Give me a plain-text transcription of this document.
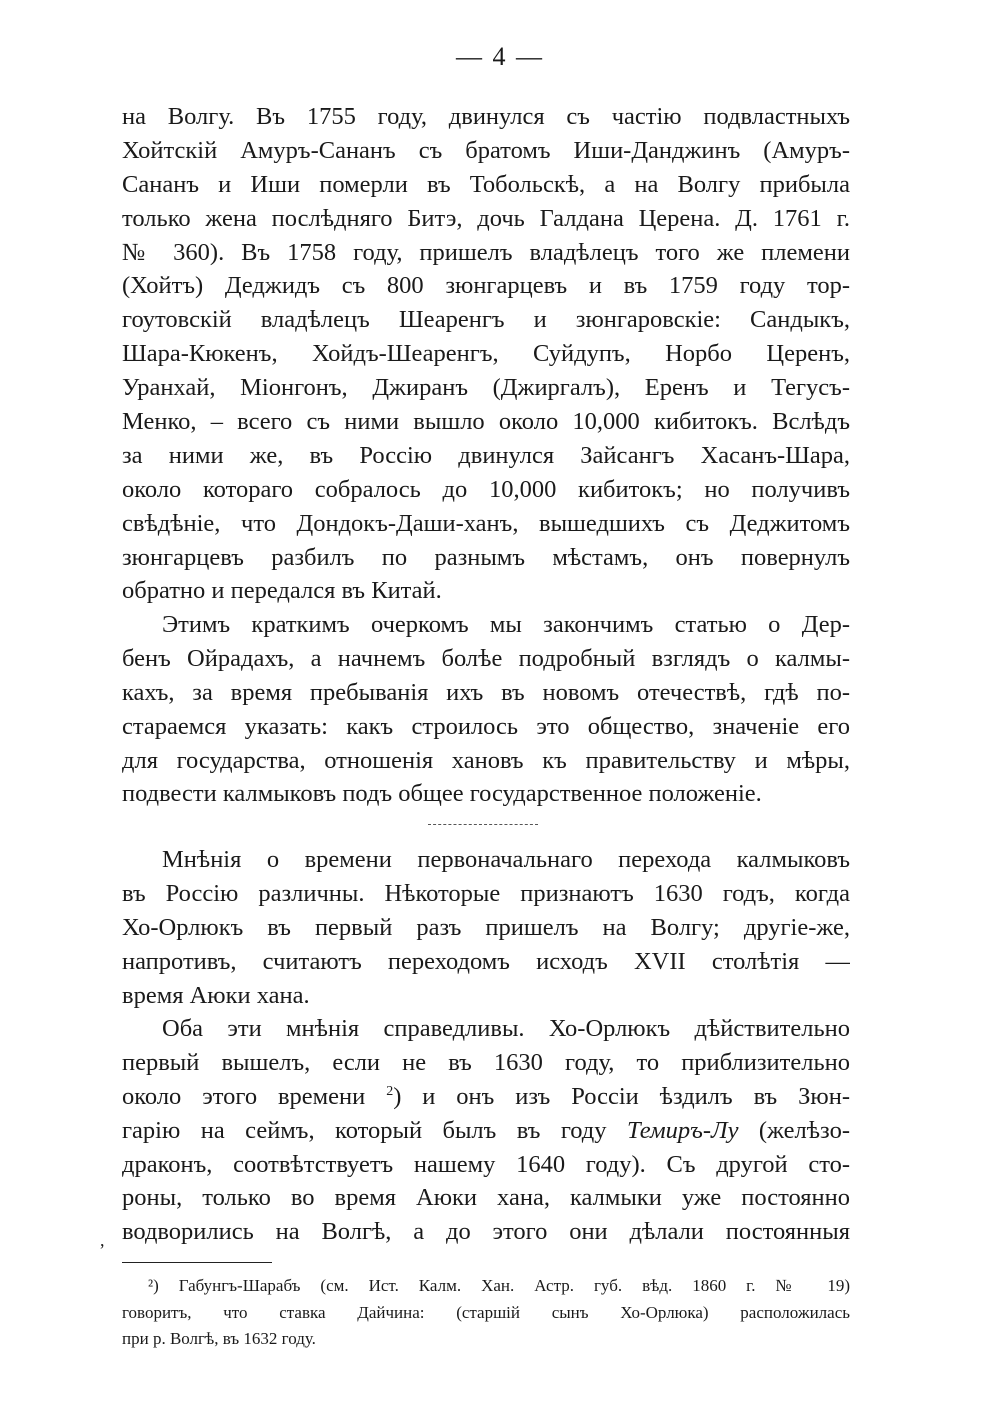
— 4 —
на Волгу. Въ 1755 году, двинулся съ частію подвластныхъ
Хойтскій Амуръ-Сананъ съ братомъ Иши-Данджинъ (Амуръ-
Сананъ и Иши померли въ Тобольскѣ, а на Волгу прибыла
только жена послѣдняго Битэ, дочь Галдана Церена. Д. 1761 г.
№ 360). Въ 1758 году, пришелъ владѣлецъ того же племени
(Хойтъ) Деджидъ съ 800 зюнгарцевъ и въ 1759 году тор-
гоутовскій владѣлецъ Шеаренгъ и зюнгаровскіе: Сандыкъ,
Шара-Кюкенъ, Хойдъ-Шеаренгъ, Суйдупъ, Норбо Церенъ,
Уранхай, Міонгонъ, Джиранъ (Джиргалъ), Еренъ и Тегусъ-
Менко, – всего съ ними вышло около 10,000 кибитокъ. Вслѣдъ
за ними же, въ Россію двинулся Зайсангъ Хасанъ-Шара,
около котораго собралось до 10,000 кибитокъ; но получивъ
свѣдѣніе, что Дондокъ-Даши-ханъ, вышедшихъ съ Деджитомъ
зюнгарцевъ разбилъ по разнымъ мѣстамъ, онъ повернулъ
обратно и передался въ Китай.
Этимъ краткимъ очеркомъ мы закончимъ статью о Дер-
бенъ Ойрадахъ, а начнемъ болѣе подробный взглядъ о калмы-
кахъ, за время пребыванія ихъ въ новомъ отечествѣ, гдѣ по-
стараемся указать: какъ строилось это общество, значеніе его
для государства, отношенія хановъ къ правительству и мѣры,
подвести калмыковъ подъ общее государственное положеніе.
Мнѣнія о времени первоначальнаго перехода калмыковъ
въ Россію различны. Нѣкоторые признаютъ 1630 годъ, когда
Хо-Орлюкъ въ первый разъ пришелъ на Волгу; другіе-же,
напротивъ, считаютъ переходомъ исходъ XVII столѣтія —
время Аюки хана.
Оба эти мнѣнія справедливы. Хо-Орлюкъ дѣйствительно
первый вышелъ, если не въ 1630 году, то приблизительно
около этого времени $^2$) и онъ изъ Россіи ѣздилъ въ Зюн-
гарію на сеймъ, который былъ въ году Темиръ-Лу (желѣзо-
драконъ, соотвѣтствуетъ нашему 1640 году). Съ другой сто-
роны, только во время Аюки хана, калмыки уже постоянно
водворились на Волгѣ, а до этого они дѣлали постоянныя
,
²) Габунгъ-Шарабъ (см. Ист. Калм. Хан. Астр. губ. вѣд. 1860 г. № 19)
говоритъ, что ставка Дайчина: (старшій сынъ Хо-Орлюка) расположилась
при р. Волгѣ, въ 1632 году.
